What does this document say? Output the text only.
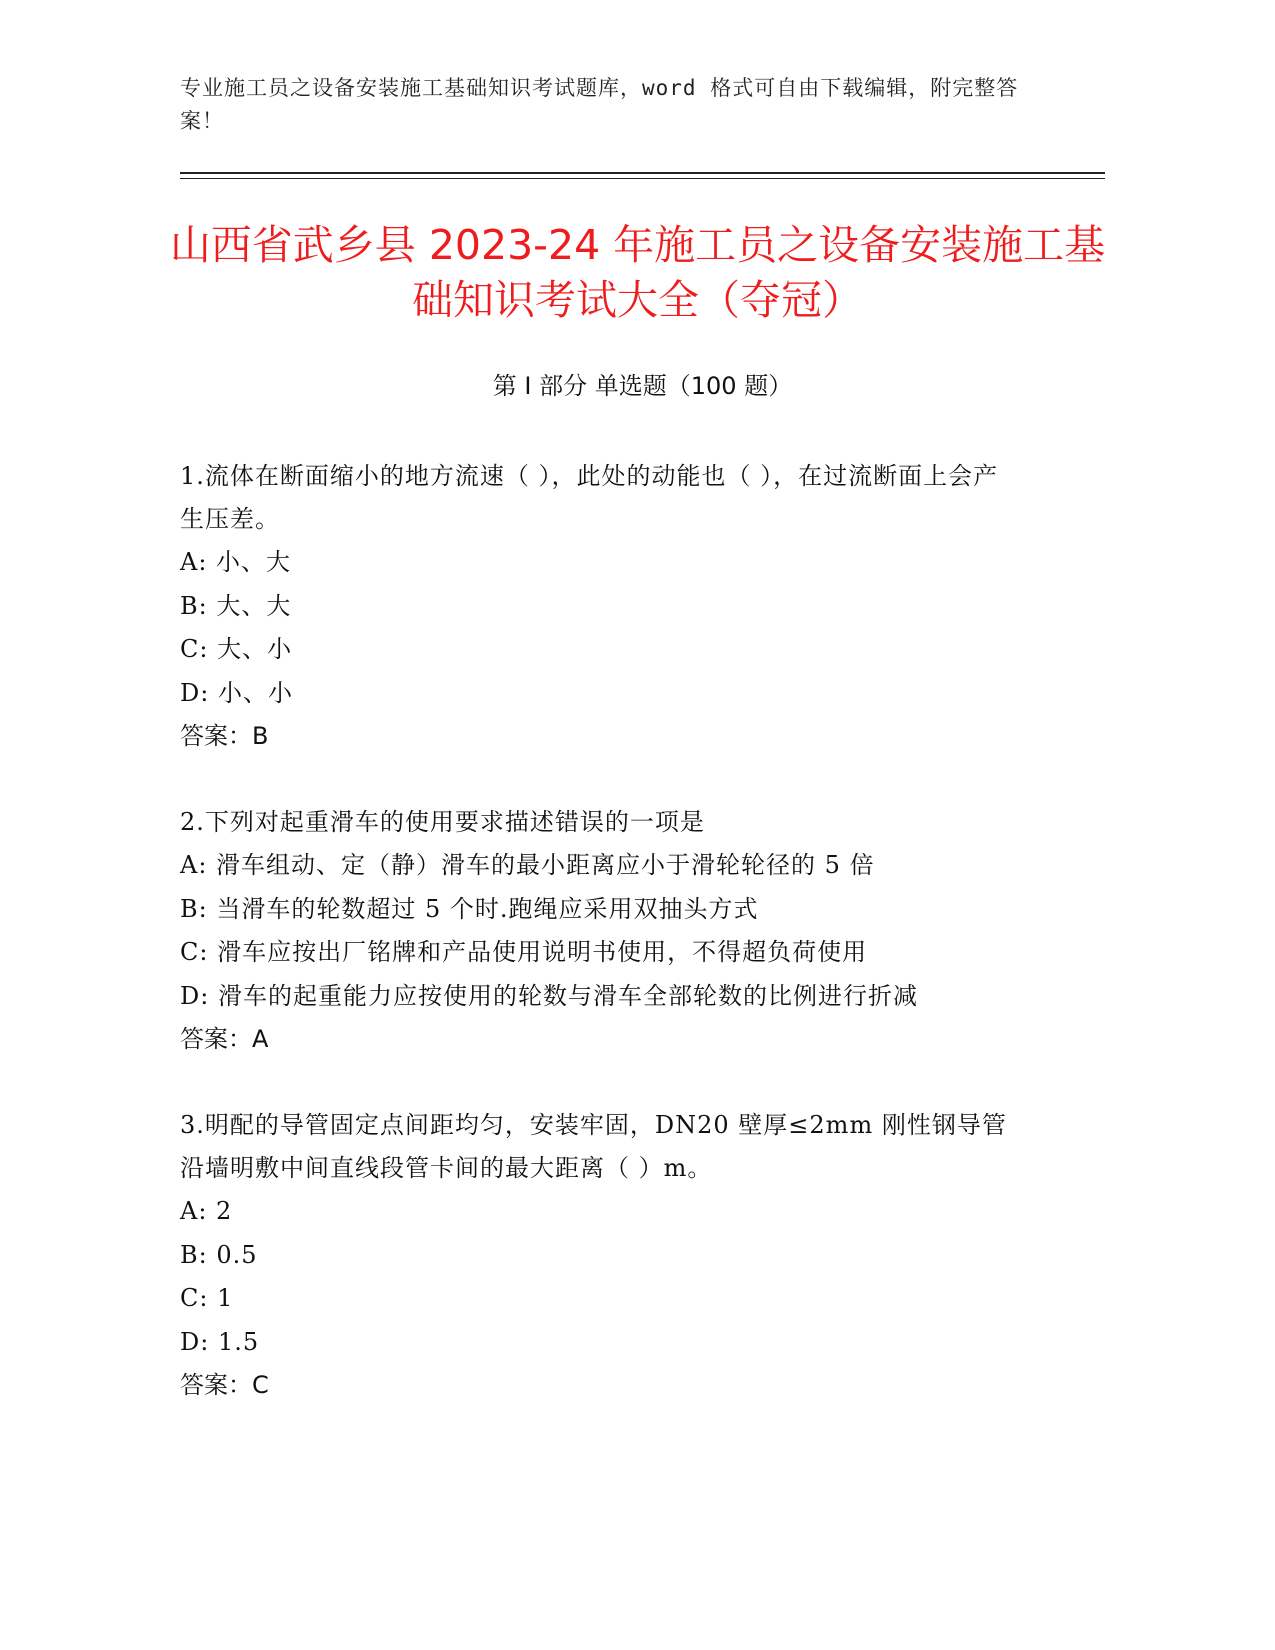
专业施工员之设备安装施工基础知识考试题库，word 格式可自由下载编辑，附完整答案！
山西省武乡县 2023-24 年施工员之设备安装施工基础知识考试大全（夺冠）
第 I 部分 单选题（100 题）

1.流体在断面缩小的地方流速（ ），此处的动能也（ ），在过流断面上会产生压差。

A: 小、大

B: 大、大

C: 大、小

D: 小、小

答案：B

2.下列对起重滑车的使用要求描述错误的一项是

A: 滑车组动、定（静）滑车的最小距离应小于滑轮轮径的 5 倍

B: 当滑车的轮数超过 5 个时.跑绳应采用双抽头方式

C: 滑车应按出厂铭牌和产品使用说明书使用，不得超负荷使用

D: 滑车的起重能力应按使用的轮数与滑车全部轮数的比例进行折减

答案：A

3.明配的导管固定点间距均匀，安装牢固，DN20 壁厚≤2mm 刚性钢导管沿墙明敷中间直线段管卡间的最大距离（ ）m。

A: 2

B: 0.5

C: 1

D: 1.5

答案：C
